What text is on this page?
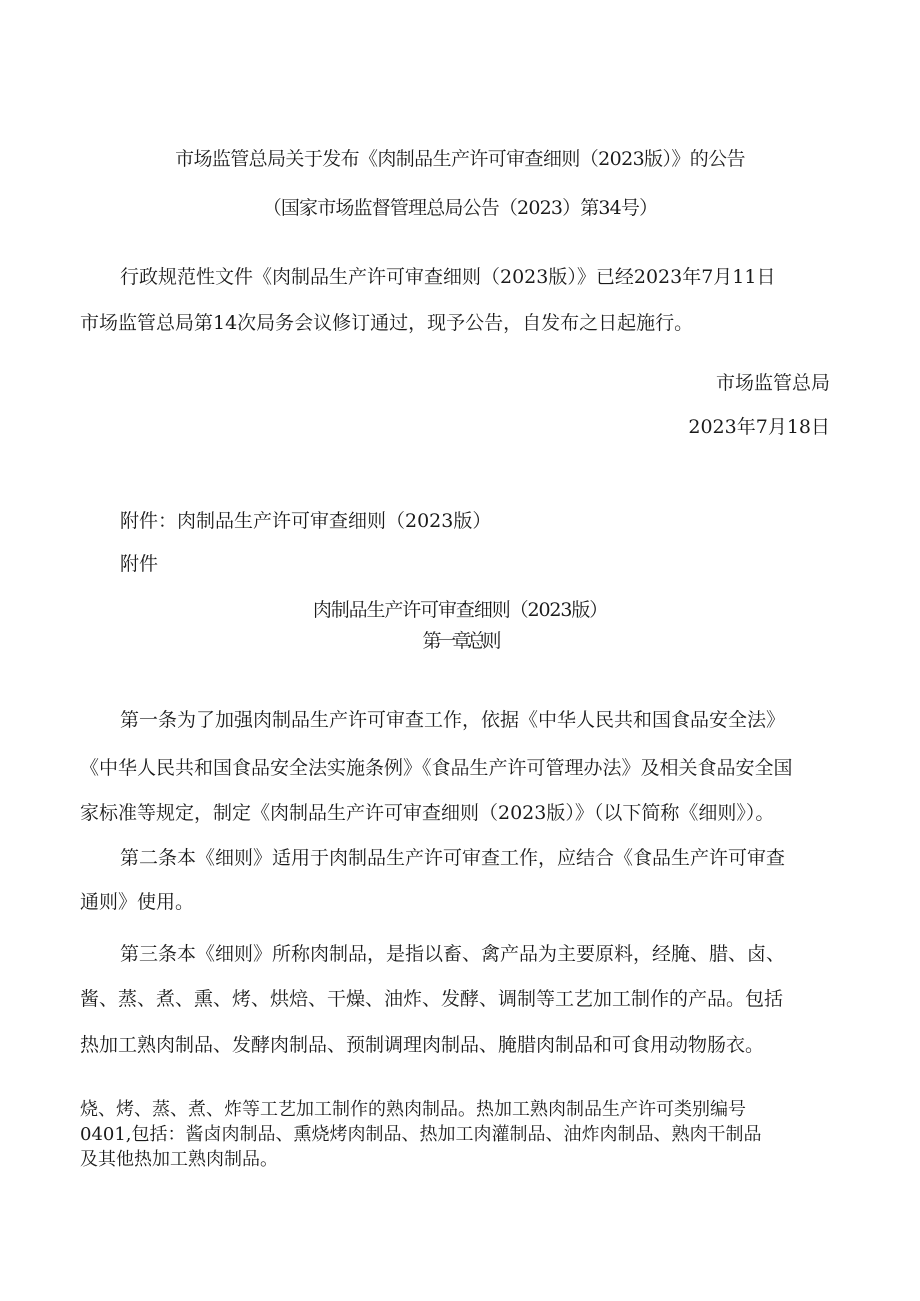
市场监管总局关于发布《肉制品生产许可审查细则（2023版）》的公告

（国家市场监督管理总局公告（2023）第34号）

行政规范性文件《肉制品生产许可审查细则（2023版）》已经2023年7月11日

市场监管总局第14次局务会议修订通过，现予公告，自发布之日起施行。

市场监管总局

2023年7月18日

附件：肉制品生产许可审查细则（2023版）

附件

肉制品生产许可审查细则（2023版）

第一章总则

第一条为了加强肉制品生产许可审查工作，依据《中华人民共和国食品安全法》

《中华人民共和国食品安全法实施条例》《食品生产许可管理办法》及相关食品安全国

家标准等规定，制定《肉制品生产许可审查细则（2023版）》（以下简称《细则》）。

第二条本《细则》适用于肉制品生产许可审查工作，应结合《食品生产许可审查

通则》使用。

第三条本《细则》所称肉制品，是指以畜、禽产品为主要原料，经腌、腊、卤、

酱、蒸、煮、熏、烤、烘焙、干燥、油炸、发酵、调制等工艺加工制作的产品。包括

热加工熟肉制品、发酵肉制品、预制调理肉制品、腌腊肉制品和可食用动物肠衣。

烧、烤、蒸、煮、炸等工艺加工制作的熟肉制品。热加工熟肉制品生产许可类别编号

0401,包括：酱卤肉制品、熏烧烤肉制品、热加工肉灌制品、油炸肉制品、熟肉干制品

及其他热加工熟肉制品。
